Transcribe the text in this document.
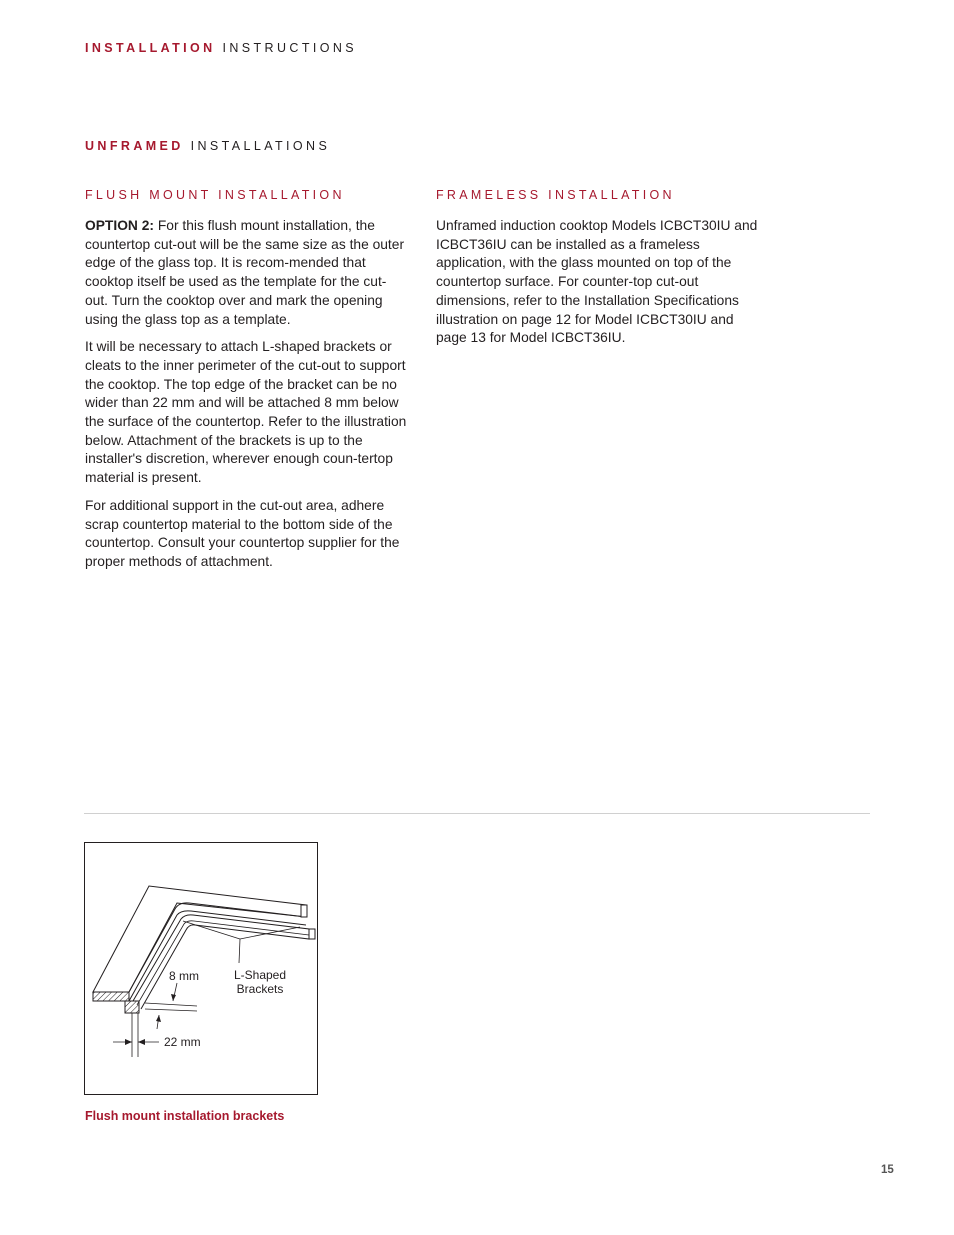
INSTALLATION INSTRUCTIONS
UNFRAMED INSTALLATIONS
FLUSH MOUNT INSTALLATION

OPTION 2: For this flush mount installation, the countertop cut-out will be the same size as the outer edge of the glass top. It is recom-mended that cooktop itself be used as the template for the cut-out. Turn the cooktop over and mark the opening using the glass top as a template.

It will be necessary to attach L-shaped brackets or cleats to the inner perimeter of the cut-out to support the cooktop. The top edge of the bracket can be no wider than 22 mm and will be attached 8 mm below the surface of the countertop. Refer to the illustration below. Attachment of the brackets is up to the installer's discretion, wherever enough coun-tertop material is present.

For additional support in the cut-out area, adhere scrap countertop material to the bottom side of the countertop. Consult your countertop supplier for the proper methods of attachment.

FRAMELESS INSTALLATION

Unframed induction cooktop Models ICBCT30IU and ICBCT36IU can be installed as a frameless application, with the glass mounted on top of the countertop surface. For counter-top cut-out dimensions, refer to the Installation Specifications illustration on page 12 for Model ICBCT30IU and page 13 for Model ICBCT36IU.

8 mm	L-Shaped
Brackets
22 mm
Flush mount installation brackets
15
